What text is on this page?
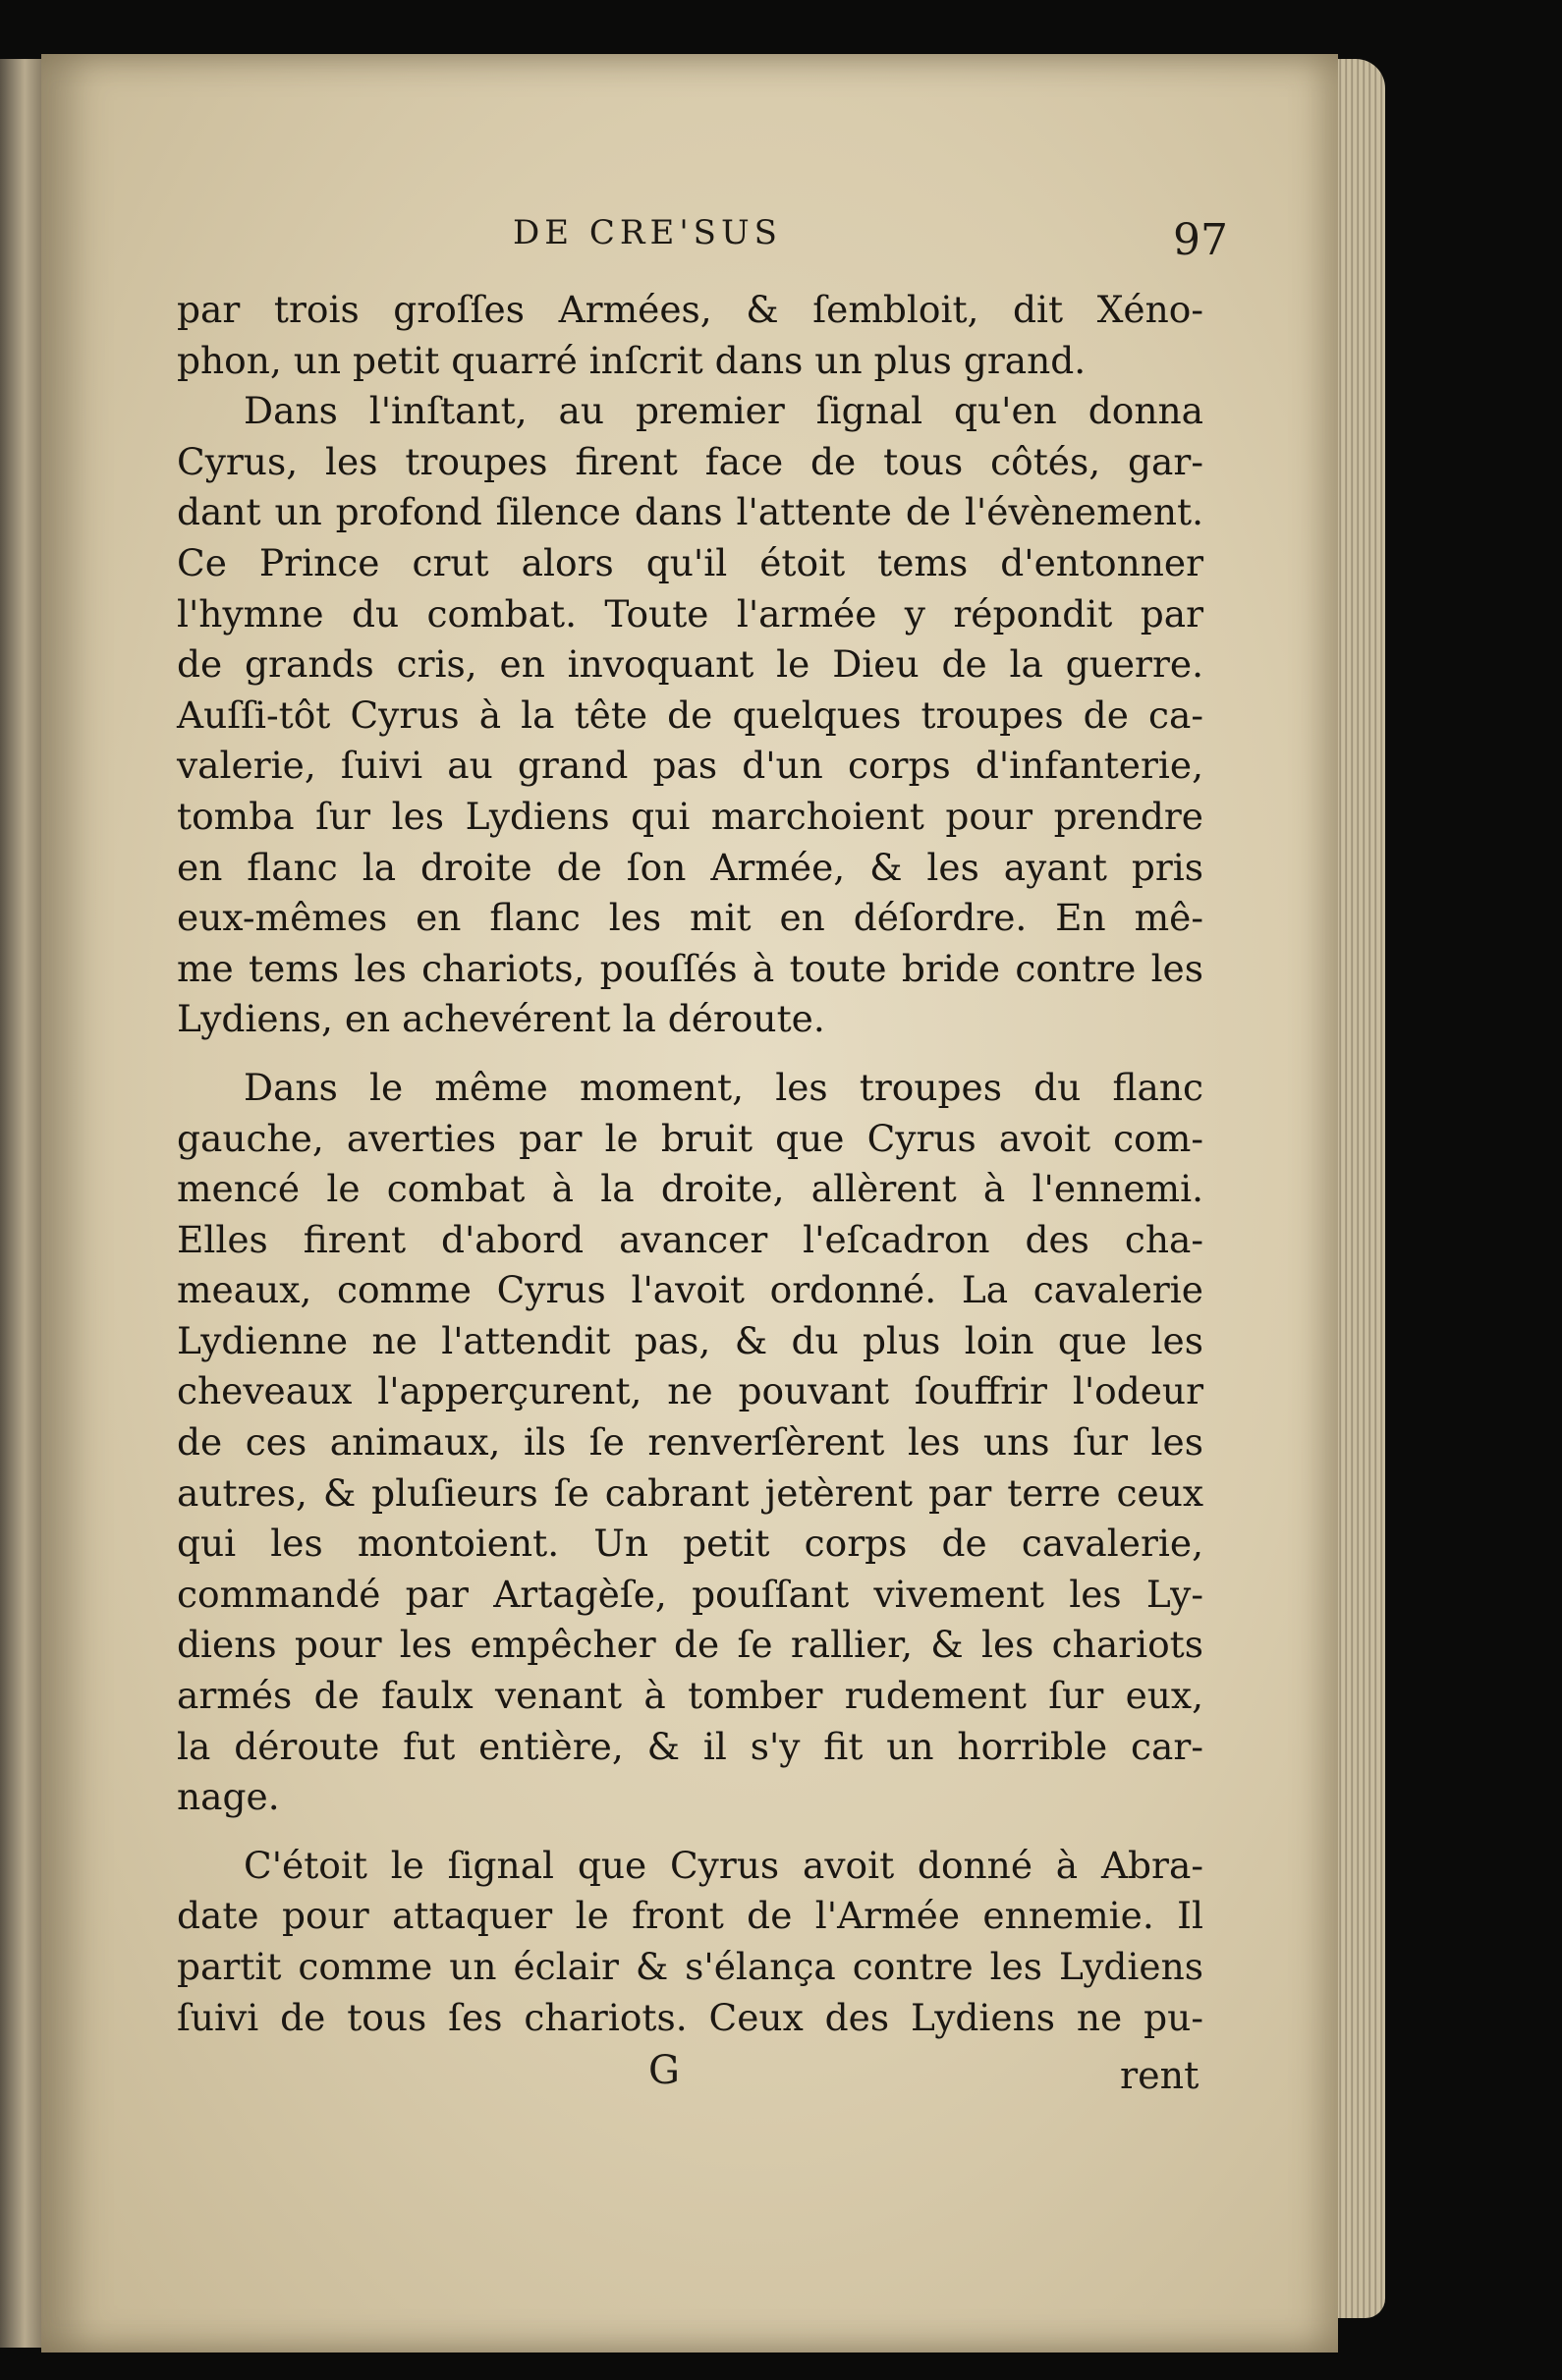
DE CRE'SUS	97

par trois groſſes Armées, & ſembloit, dit Xéno-
phon, un petit quarré inſcrit dans un plus grand.

Dans l'inſtant, au premier ſignal qu'en donna
Cyrus, les troupes firent face de tous côtés, gar-
dant un profond ſilence dans l'attente de l'évènement.
Ce Prince crut alors qu'il étoit tems d'entonner
l'hymne du combat. Toute l'armée y répondit par
de grands cris, en invoquant le Dieu de la guerre.
Auſſi-tôt Cyrus à la tête de quelques troupes de ca-
valerie, ſuivi au grand pas d'un corps d'infanterie,
tomba ſur les Lydiens qui marchoient pour prendre
en flanc la droite de ſon Armée, & les ayant pris
eux-mêmes en flanc les mit en déſordre. En mê-
me tems les chariots, pouſſés à toute bride contre les
Lydiens, en achevérent la déroute.

Dans le même moment, les troupes du flanc
gauche, averties par le bruit que Cyrus avoit com-
mencé le combat à la droite, allèrent à l'ennemi.
Elles firent d'abord avancer l'eſcadron des cha-
meaux, comme Cyrus l'avoit ordonné. La cavalerie
Lydienne ne l'attendit pas, & du plus loin que les
cheveaux l'apperçurent, ne pouvant ſouffrir l'odeur
de ces animaux, ils ſe renverſèrent les uns ſur les
autres, & pluſieurs ſe cabrant jetèrent par terre ceux
qui les montoient. Un petit corps de cavalerie,
commandé par Artagèſe, pouſſant vivement les Ly-
diens pour les empêcher de ſe rallier, & les chariots
armés de faulx venant à tomber rudement ſur eux,
la déroute fut entière, & il s'y fit un horrible car-
nage.

C'étoit le ſignal que Cyrus avoit donné à Abra-
date pour attaquer le front de l'Armée ennemie. Il
partit comme un éclair & s'élança contre les Lydiens
ſuivi de tous ſes chariots. Ceux des Lydiens ne pu-

G	rent
